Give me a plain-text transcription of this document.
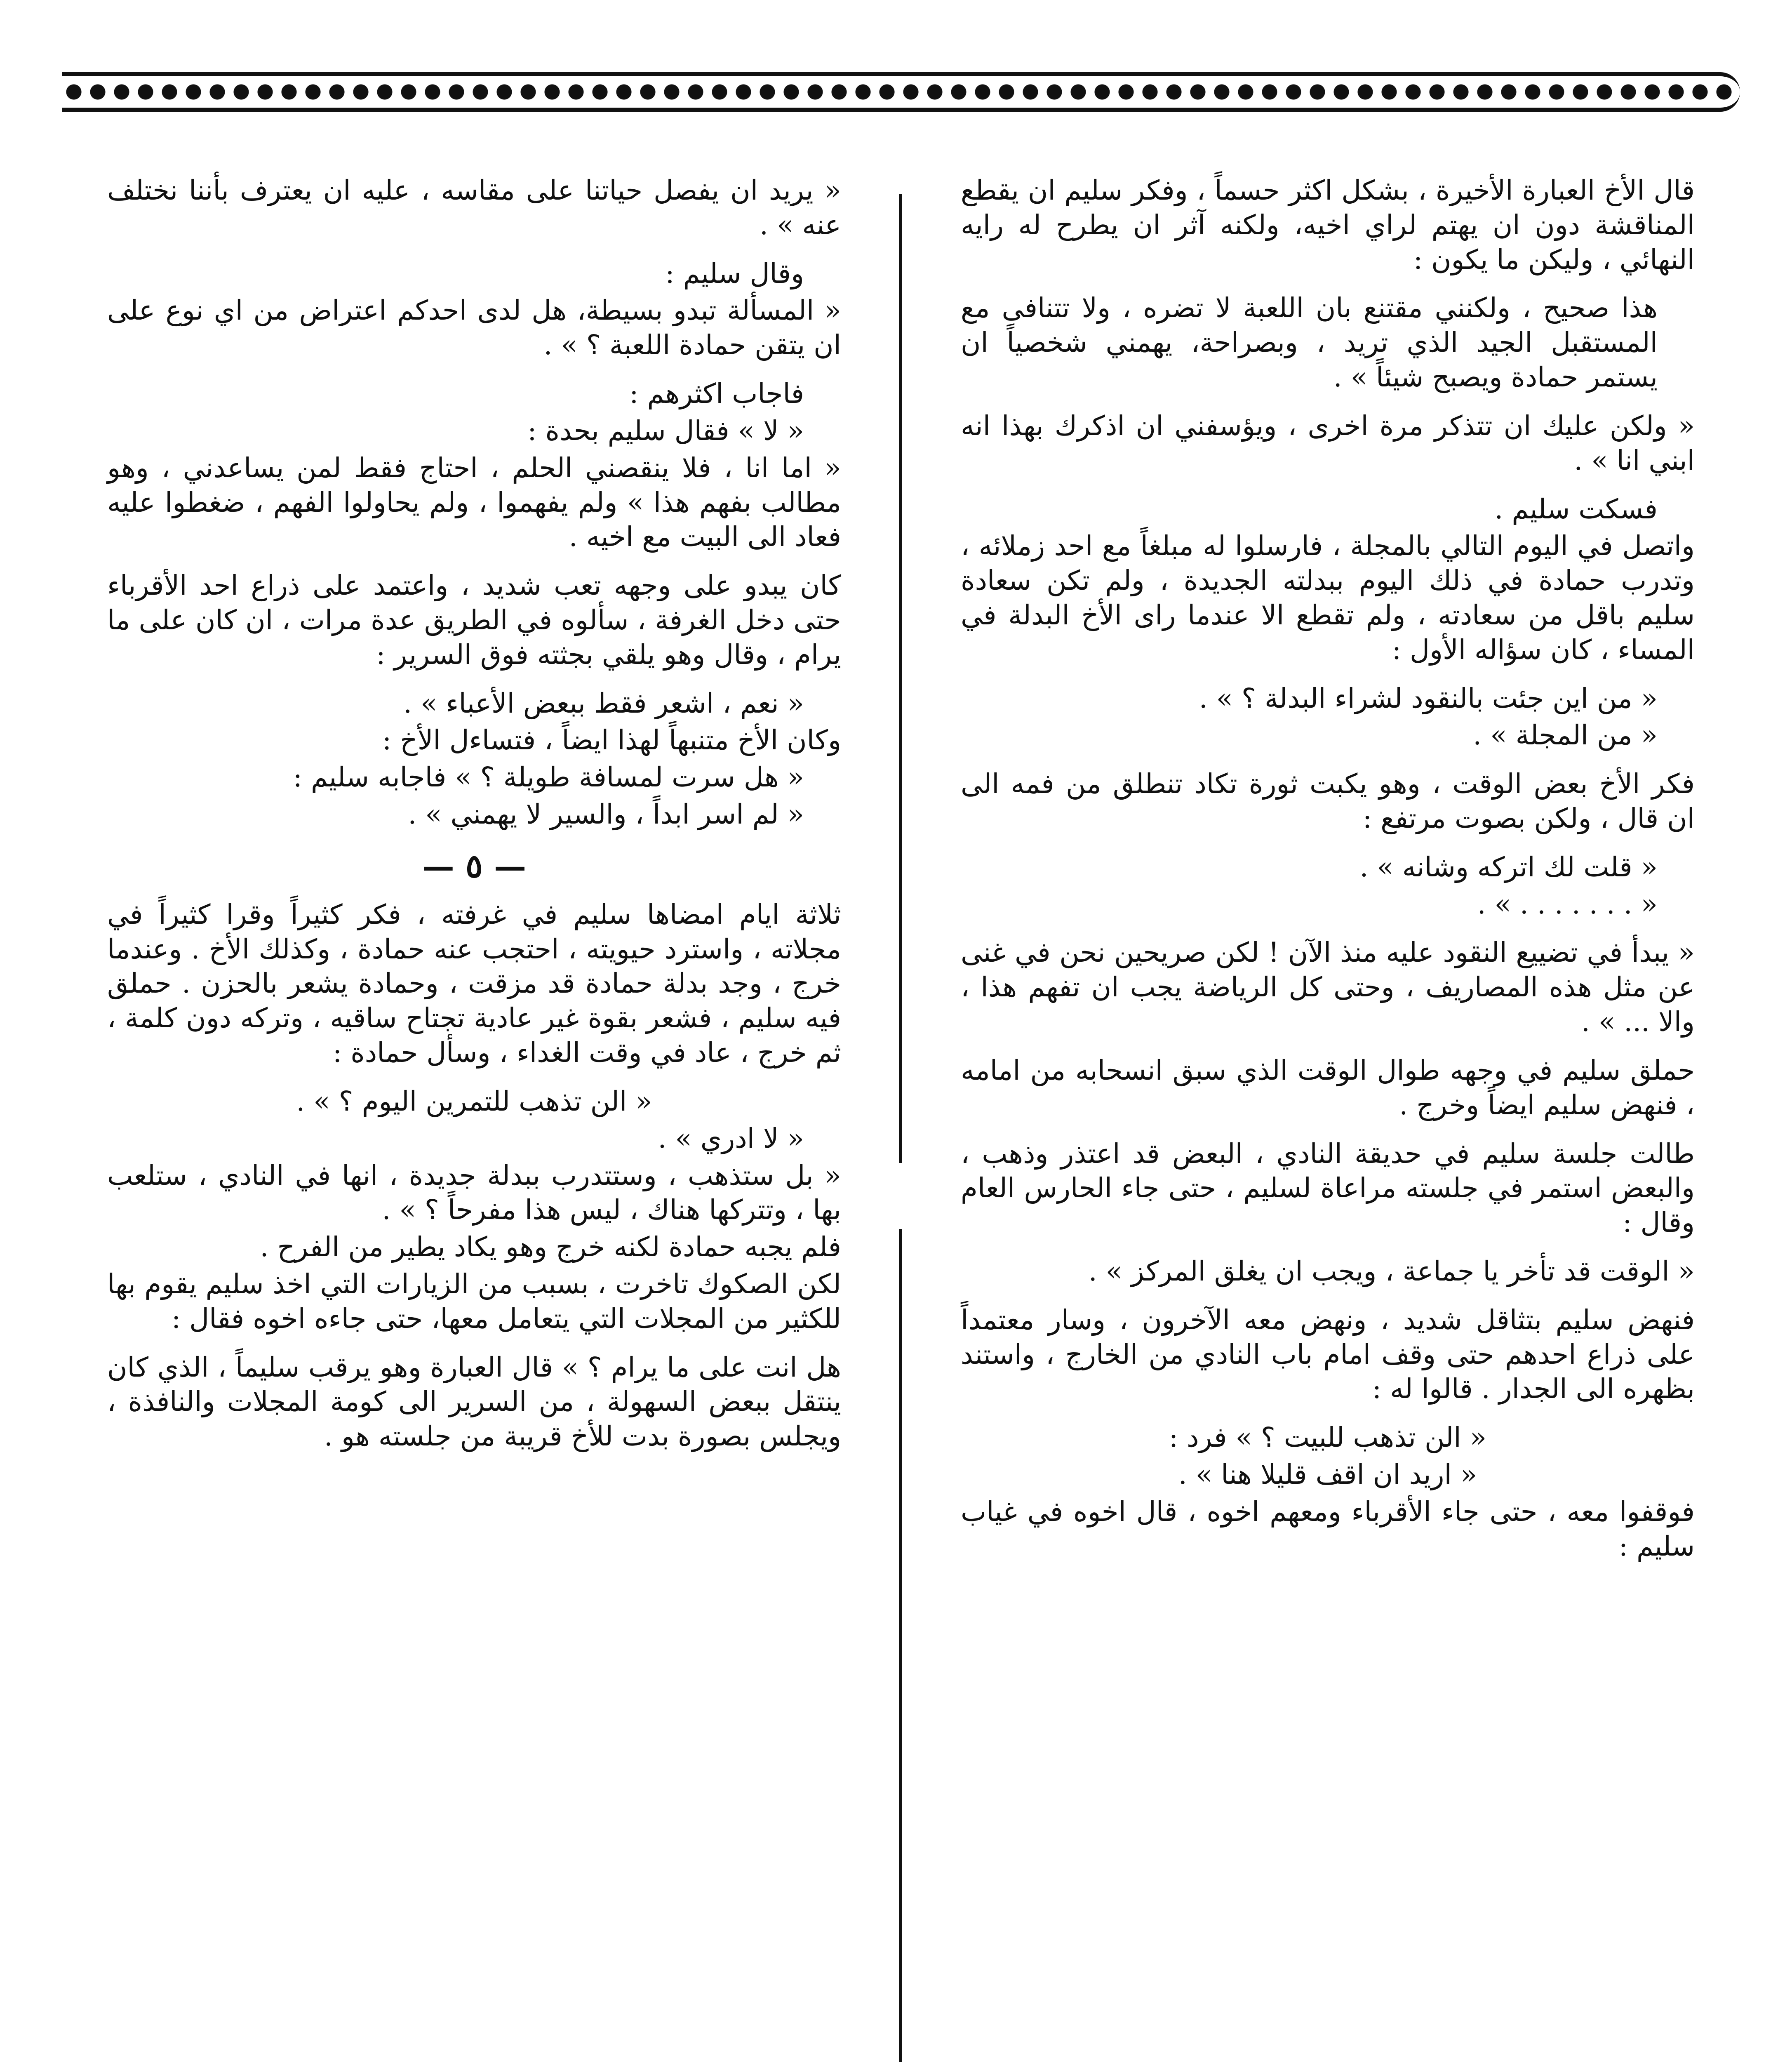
قال الأخ العبارة الأخيرة ، بشكل اكثر حسماً ، وفكر سليم ان يقطع المناقشة دون ان يهتم لراي اخيه، ولكنه آثر ان يطرح له رايه النهائي ، وليكن ما يكون :

هذا صحيح ، ولكنني مقتنع بان اللعبة لا تضره ، ولا تتنافى مع المستقبل الجيد الذي تريد ، وبصراحة، يهمني شخصياً ان يستمر حمادة ويصبح شيئاً » .

« ولكن عليك ان تتذكر مرة اخرى ، ويؤسفني ان اذكرك بهذا انه ابني انا » .

فسكت سليم .

واتصل في اليوم التالي بالمجلة ، فارسلوا له مبلغاً مع احد زملائه ، وتدرب حمادة في ذلك اليوم ببدلته الجديدة ، ولم تكن سعادة سليم باقل من سعادته ، ولم تقطع الا عندما راى الأخ البدلة في المساء ، كان سؤاله الأول :

« من اين جئت بالنقود لشراء البدلة ؟ » .

« من المجلة » .

فكر الأخ بعض الوقت ، وهو يكبت ثورة تكاد تنطلق من فمه الى ان قال ، ولكن بصوت مرتفع :

« قلت لك اتركه وشانه » .

« . . . . . . . » .

« يبدأ في تضييع النقود عليه منذ الآن ! لكن صريحين نحن في غنى عن مثل هذه المصاريف ، وحتى كل الرياضة يجب ان تفهم هذا ، والا ... » .

حملق سليم في وجهه طوال الوقت الذي سبق انسحابه من امامه ، فنهض سليم ايضاً وخرج .

طالت جلسة سليم في حديقة النادي ، البعض قد اعتذر وذهب ، والبعض استمر في جلسته مراعاة لسليم ، حتى جاء الحارس العام وقال :

« الوقت قد تأخر يا جماعة ، ويجب ان يغلق المركز » .

فنهض سليم بتثاقل شديد ، ونهض معه الآخرون ، وسار معتمداً على ذراع احدهم حتى وقف امام باب النادي من الخارج ، واستند بظهره الى الجدار . قالوا له :

« الن تذهب للبيت ؟ » فرد :

« اريد ان اقف قليلا هنا » .

فوقفوا معه ، حتى جاء الأقرباء ومعهم اخوه ، قال اخوه في غياب سليم :

« يريد ان يفصل حياتنا على مقاسه ، عليه ان يعترف بأننا نختلف عنه » .

وقال سليم :

« المسألة تبدو بسيطة، هل لدى احدكم اعتراض من اي نوع على ان يتقن حمادة اللعبة ؟ » .

فاجاب اكثرهم :

« لا » فقال سليم بحدة :

« اما انا ، فلا ينقصني الحلم ، احتاج فقط لمن يساعدني ، وهو مطالب بفهم هذا » ولم يفهموا ، ولم يحاولوا الفهم ، ضغطوا عليه فعاد الى البيت مع اخيه .

كان يبدو على وجهه تعب شديد ، واعتمد على ذراع احد الأقرباء حتى دخل الغرفة ، سألوه في الطريق عدة مرات ، ان كان على ما يرام ، وقال وهو يلقي بجثته فوق السرير :

« نعم ، اشعر فقط ببعض الأعباء » .

وكان الأخ متنبهاً لهذا ايضاً ، فتساءل الأخ :

« هل سرت لمسافة طويلة ؟ » فاجابه سليم :

« لم اسر ابداً ، والسير لا يهمني » .

— ٥ —

ثلاثة ايام امضاها سليم في غرفته ، فكر كثيراً وقرا كثيراً في مجلاته ، واسترد حيويته ، احتجب عنه حمادة ، وكذلك الأخ . وعندما خرج ، وجد بدلة حمادة قد مزقت ، وحمادة يشعر بالحزن . حملق فيه سليم ، فشعر بقوة غير عادية تجتاح ساقيه ، وتركه دون كلمة ، ثم خرج ، عاد في وقت الغداء ، وسأل حمادة :

« الن تذهب للتمرين اليوم ؟ » .

« لا ادري » .

« بل ستذهب ، وستتدرب ببدلة جديدة ، انها في النادي ، ستلعب بها ، وتتركها هناك ، ليس هذا مفرحاً ؟ » .

فلم يجبه حمادة لكنه خرج وهو يكاد يطير من الفرح .

لكن الصكوك تاخرت ، بسبب من الزيارات التي اخذ سليم يقوم بها للكثير من المجلات التي يتعامل معها، حتى جاءه اخوه فقال :

هل انت على ما يرام ؟ » قال العبارة وهو يرقب سليماً ، الذي كان ينتقل ببعض السهولة ، من السرير الى كومة المجلات والنافذة ، ويجلس بصورة بدت للأخ قريبة من جلسته هو .
